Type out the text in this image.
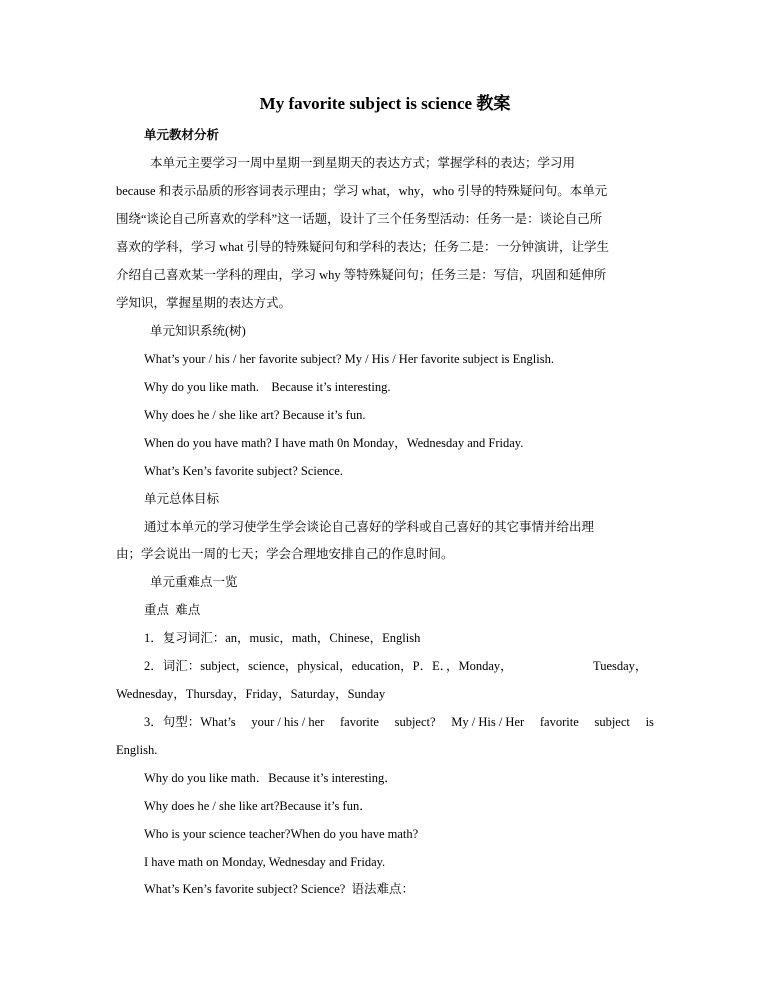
My favorite subject is science 教案
单元教材分析
本单元主要学习一周中星期一到星期天的表达方式；掌握学科的表达；学习用
because 和表示品质的形容词表示理由；学习 what，why，who 引导的特殊疑问句。本单元
围绕“谈论自己所喜欢的学科”这一话题，设计了三个任务型活动：任务一是：谈论自己所
喜欢的学科，学习 what 引导的特殊疑问句和学科的表达；任务二是：一分钟演讲，让学生
介绍自己喜欢某一学科的理由，学习 why 等特殊疑问句；任务三是：写信，巩固和延伸所
学知识，掌握星期的表达方式。
单元知识系统(树)
What’s your / his / her favorite subject? My / His / Her favorite subject is English.
Why do you like math.    Because it’s interesting.
Why does he / she like art? Because it’s fun.
When do you have math? I have math 0n Monday，Wednesday and Friday.
What’s Ken’s favorite subject? Science.
单元总体目标
通过本单元的学习使学生学会谈论自己喜好的学科或自己喜好的其它事情并给出理
由；学会说出一周的七天；学会合理地安排自己的作息时间。
单元重难点一览
重点  难点
1．复习词汇：an，music，math，Chinese，English
2．词汇：subject，science，physical，education，P．E．，Monday，	Tuesday，
Wednesday，Thursday，Friday，Saturday，Sunday
3．句型：What’s your / his / her favorite subject? My / His / Her favorite subject is
English.
Why do you like math．Because it’s interesting．
Why does he / she like art?Because it’s fun．
Who is your science teacher?When do you have math?
I have math on Monday, Wednesday and Friday.
What’s Ken’s favorite subject? Science?  语法难点：
